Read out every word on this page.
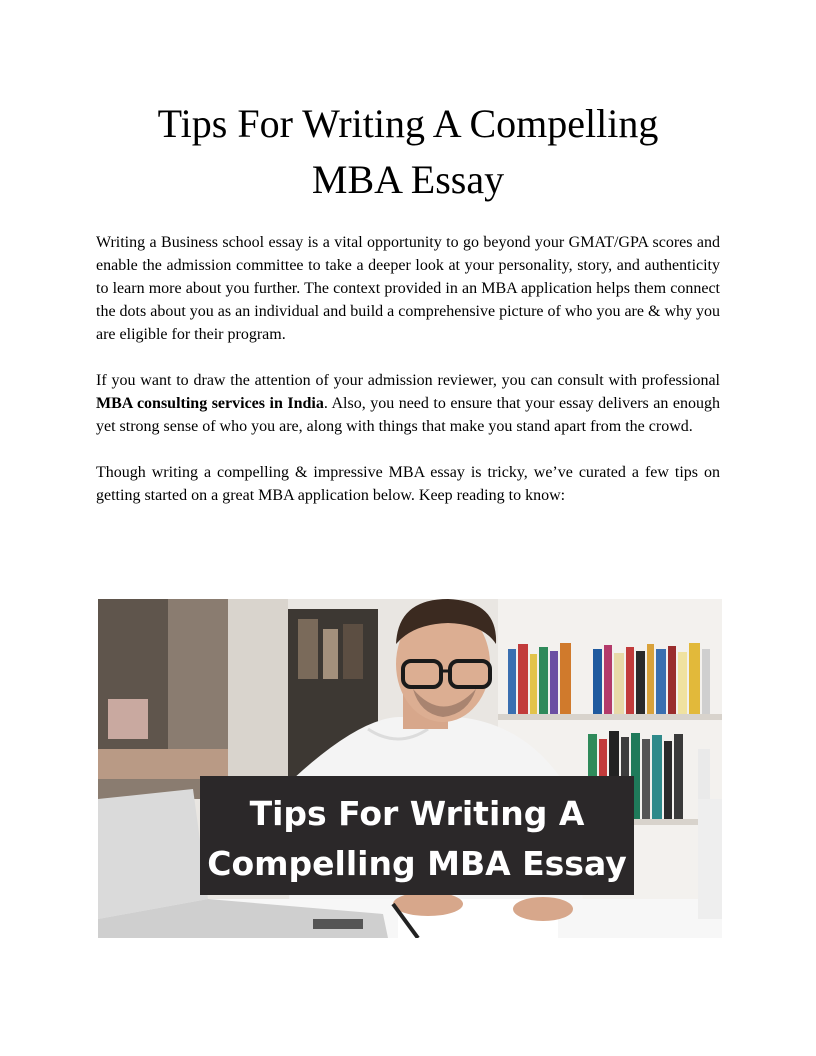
Tips For Writing A Compelling
MBA Essay

Writing a Business school essay is a vital opportunity to go beyond your GMAT/GPA scores and enable the admission committee to take a deeper look at your personality, story, and authenticity to learn more about you further. The context provided in an MBA application helps them connect the dots about you as an individual and build a comprehensive picture of who you are & why you are eligible for their program.

If you want to draw the attention of your admission reviewer, you can consult with professional MBA consulting services in India. Also, you need to ensure that your essay delivers an enough yet strong sense of who you are, along with things that make you stand apart from the crowd.

Though writing a compelling & impressive MBA essay is tricky, we’ve curated a few tips on getting started on a great MBA application below. Keep reading to know:

Tips For Writing A
Compelling MBA Essay
